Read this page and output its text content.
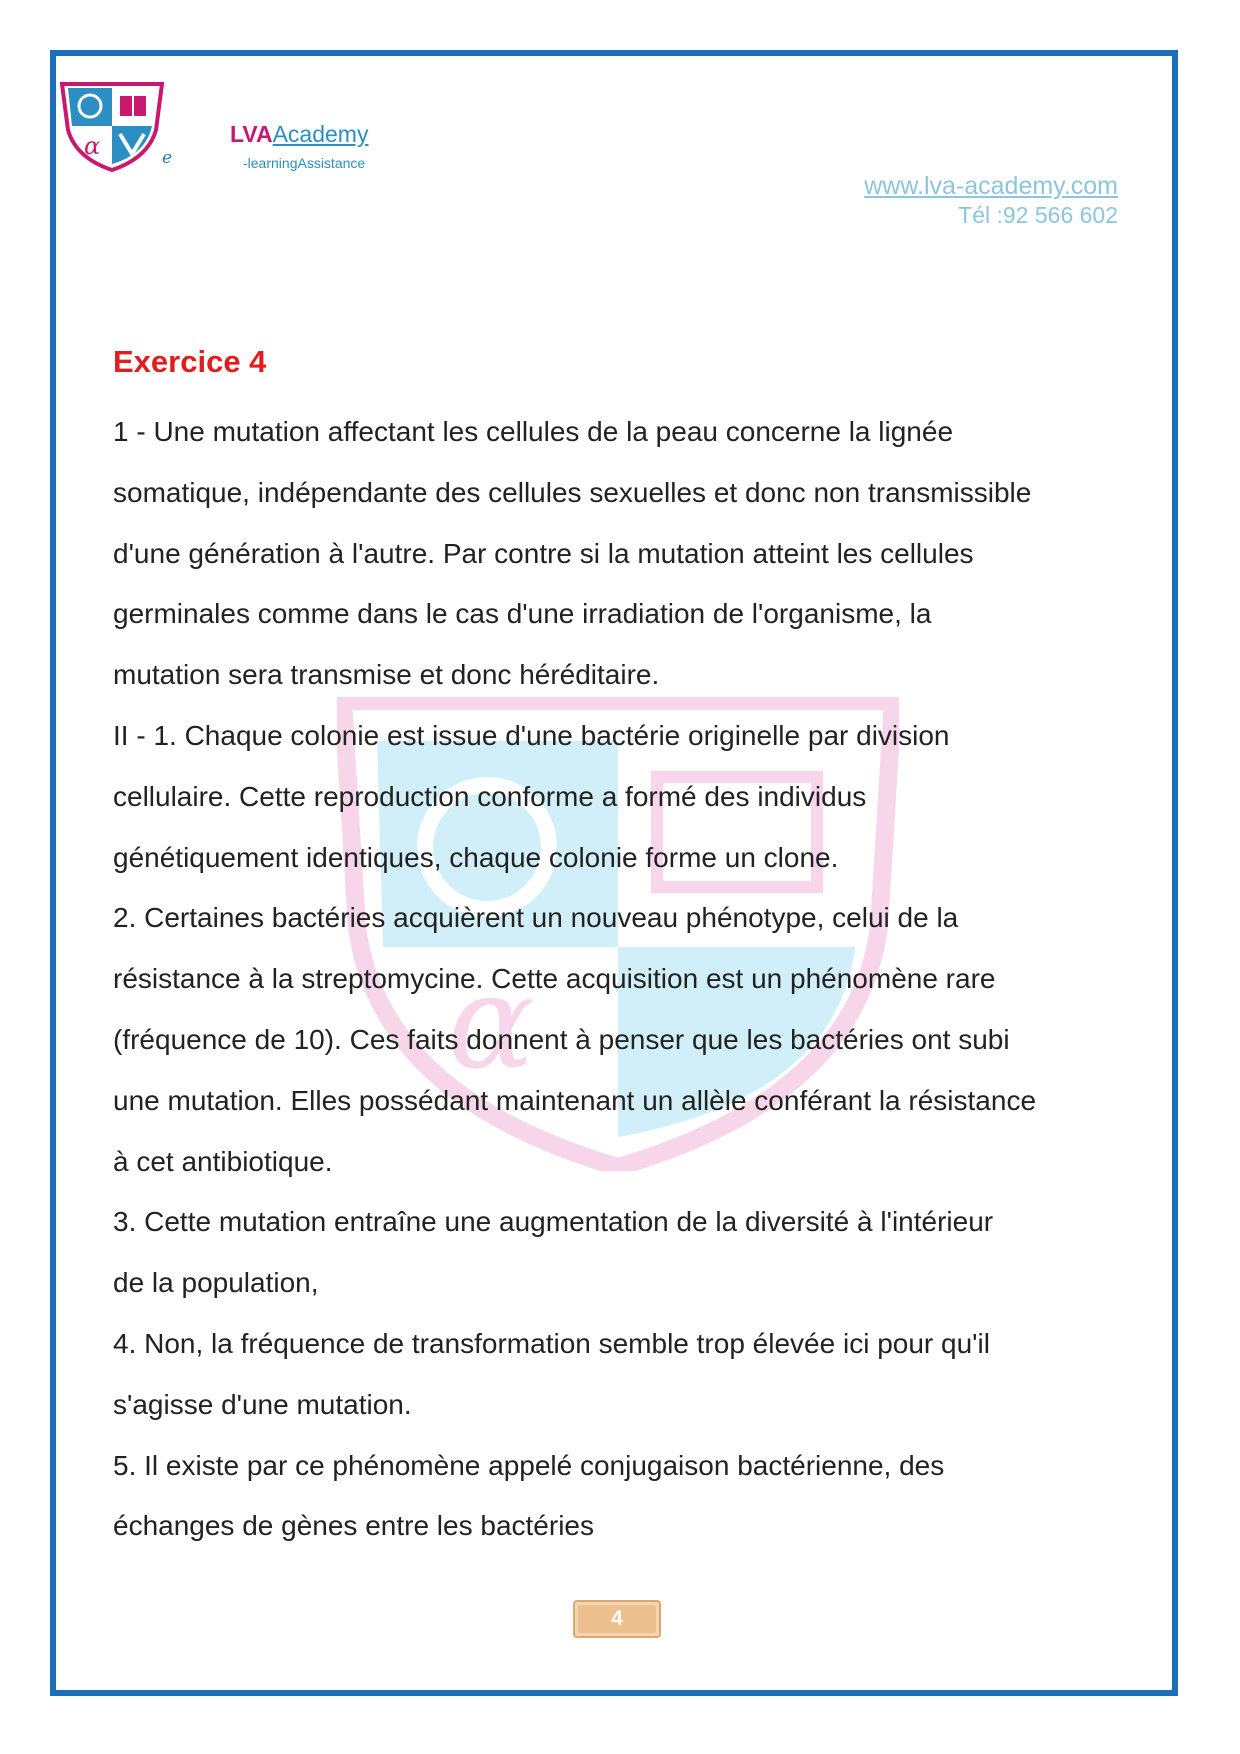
α	e
LVAAcademy
-learningAssistance
www.lva-academy.com
Tél :92 566 602
α
Exercice 4
1 - Une mutation affectant les cellules de la peau concerne la lignée
somatique, indépendante des cellules sexuelles et donc non transmissible
d'une génération à l'autre. Par contre si la mutation atteint les cellules
germinales comme dans le cas d'une irradiation de l'organisme, la
mutation sera transmise et donc héréditaire.
II - 1. Chaque colonie est issue d'une bactérie originelle par division
cellulaire. Cette reproduction conforme a formé des individus
génétiquement identiques, chaque colonie forme un clone.
2. Certaines bactéries acquièrent un nouveau phénotype, celui de la
résistance à la streptomycine. Cette acquisition est un phénomène rare
(fréquence de 10). Ces faits donnent à penser que les bactéries ont subi
une mutation. Elles possédant maintenant un allèle conférant la résistance
à cet antibiotique.
3. Cette mutation entraîne une augmentation de la diversité à l'intérieur
de la population,
4. Non, la fréquence de transformation semble trop élevée ici pour qu'il
s'agisse d'une mutation.
5. Il existe par ce phénomène appelé conjugaison bactérienne, des
échanges de gènes entre les bactéries
4
